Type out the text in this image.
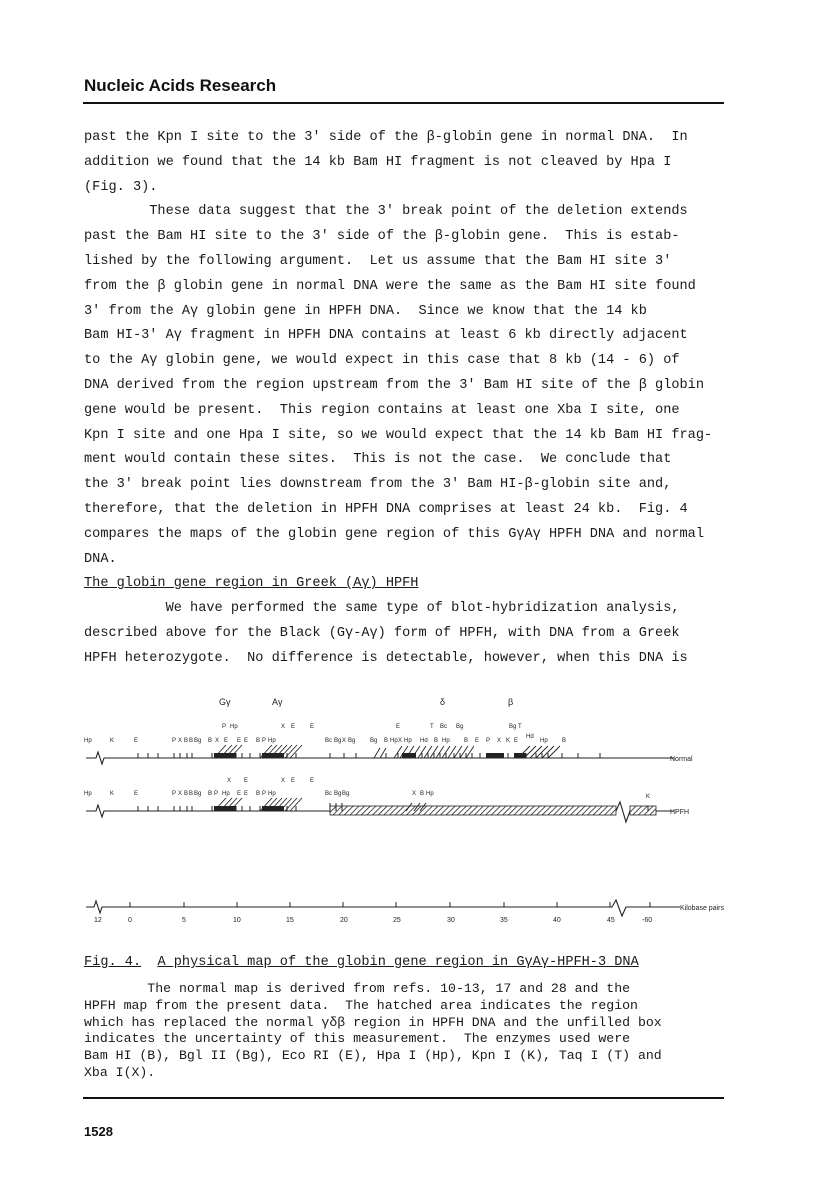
Nucleic Acids Research

past the Kpn I site to the 3' side of the β-globin gene in normal DNA.  In

addition we found that the 14 kb Bam HI fragment is not cleaved by Hpa I

(Fig. 3).

These data suggest that the 3' break point of the deletion extends

past the Bam HI site to the 3' side of the β-globin gene.  This is estab-

lished by the following argument.  Let us assume that the Bam HI site 3'

from the β globin gene in normal DNA were the same as the Bam HI site found

3' from the Aγ globin gene in HPFH DNA.  Since we know that the 14 kb

Bam HI-3' Aγ fragment in HPFH DNA contains at least 6 kb directly adjacent

to the Aγ globin gene, we would expect in this case that 8 kb (14 - 6) of

DNA derived from the region upstream from the 3' Bam HI site of the β globin

gene would be present.  This region contains at least one Xba I site, one

Kpn I site and one Hpa I site, so we would expect that the 14 kb Bam HI frag-

ment would contain these sites.  This is not the case.  We conclude that

the 3' break point lies downstream from the 3' Bam HI-β-globin site and,

therefore, that the deletion in HPFH DNA comprises at least 24 kb.  Fig. 4

compares the maps of the globin gene region of this GγAγ HPFH DNA and normal

DNA.

The globin gene region in Greek (Aγ) HPFH

We have performed the same type of blot-hybridization analysis,

described above for the Black (Gγ-Aγ) form of HPFH, with DNA from a Greek

HPFH heterozygote.  No difference is detectable, however, when this DNA is

Gγ	Aγ	δ	β
Hp	K	E	P X B B Bg
P Hp
B X E E E B P Hp
X E E
Bc Bg X Bg Bg B Hp X Hp
E	T Bc Bg
Hd B Hp B E P X K E
Bg T
Hd
Hp B
Normal
Hp	K	E	P X B B Bg
X E
B P Hp E E
X E E
B P Hp	Bc Bg Bg	X B Hp	K
HPFH
12	0	5	10	15	20	25	30	35	40	45	-60
Kilobase pairs
Fig. 4. A physical map of the globin gene region in GγAγ-HPFH-3 DNA

The normal map is derived from refs. 10-13, 17 and 28 and the

HPFH map from the present data.  The hatched area indicates the region

which has replaced the normal γδβ region in HPFH DNA and the unfilled box

indicates the uncertainty of this measurement.  The enzymes used were

Bam HI (B), Bgl II (Bg), Eco RI (E), Hpa I (Hp), Kpn I (K), Taq I (T) and

Xba I(X).

1528
